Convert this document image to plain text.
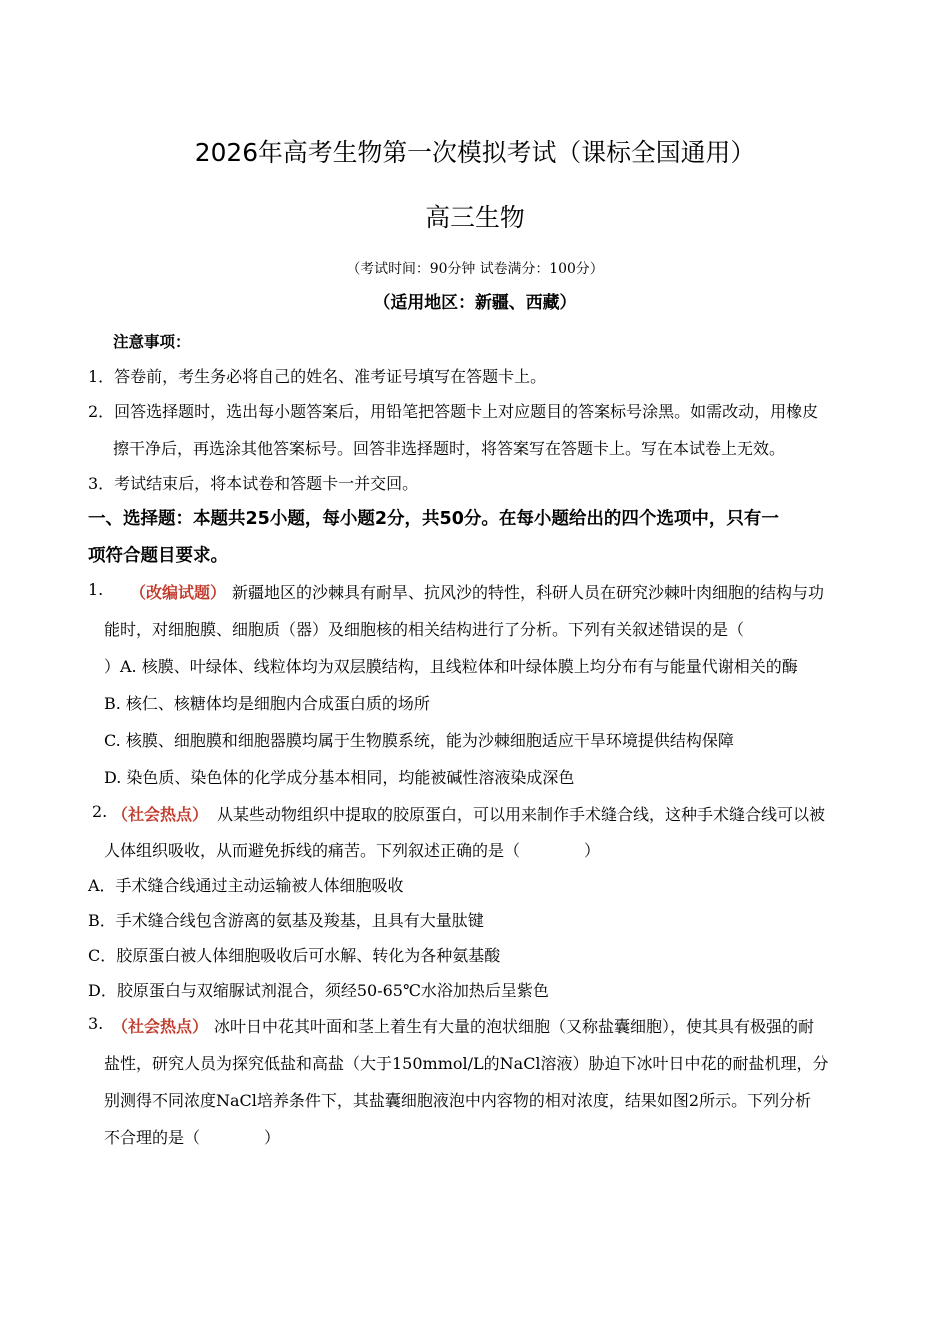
2026年高考生物第一次模拟考试（课标全国通用）
高三生物
（考试时间：90分钟 试卷满分：100分）
（适用地区：新疆、西藏）
注意事项：
1．答卷前，考生务必将自己的姓名、准考证号填写在答题卡上。
2．回答选择题时，选出每小题答案后，用铅笔把答题卡上对应题目的答案标号涂黑。如需改动，用橡皮
擦干净后，再选涂其他答案标号。回答非选择题时，将答案写在答题卡上。写在本试卷上无效。
3．考试结束后，将本试卷和答题卡一并交回。
一、选择题：本题共25小题，每小题2分，共50分。在每小题给出的四个选项中，只有一
项符合题目要求。
1. （改编试题） 新疆地区的沙棘具有耐旱、抗风沙的特性，科研人员在研究沙棘叶肉细胞的结构与功
能时，对细胞膜、细胞质（器）及细胞核的相关结构进行了分析。下列有关叙述错误的是（
）A. 核膜、叶绿体、线粒体均为双层膜结构，且线粒体和叶绿体膜上均分布有与能量代谢相关的酶
B. 核仁、核糖体均是细胞内合成蛋白质的场所
C. 核膜、细胞膜和细胞器膜均属于生物膜系统，能为沙棘细胞适应干旱环境提供结构保障
D. 染色质、染色体的化学成分基本相同，均能被碱性溶液染成深色
2. （社会热点） 从某些动物组织中提取的胶原蛋白，可以用来制作手术缝合线，这种手术缝合线可以被
人体组织吸收，从而避免拆线的痛苦。下列叙述正确的是（　　　　）
A．手术缝合线通过主动运输被人体细胞吸收
B．手术缝合线包含游离的氨基及羧基，且具有大量肽键
C．胶原蛋白被人体细胞吸收后可水解、转化为各种氨基酸
D．胶原蛋白与双缩脲试剂混合，须经50-65℃水浴加热后呈紫色
3. （社会热点） 冰叶日中花其叶面和茎上着生有大量的泡状细胞（又称盐囊细胞），使其具有极强的耐
盐性，研究人员为探究低盐和高盐（大于150mmol/L的NaCl溶液）胁迫下冰叶日中花的耐盐机理，分
别测得不同浓度NaCl培养条件下，其盐囊细胞液泡中内容物的相对浓度，结果如图2所示。下列分析
不合理的是（　　　　）
